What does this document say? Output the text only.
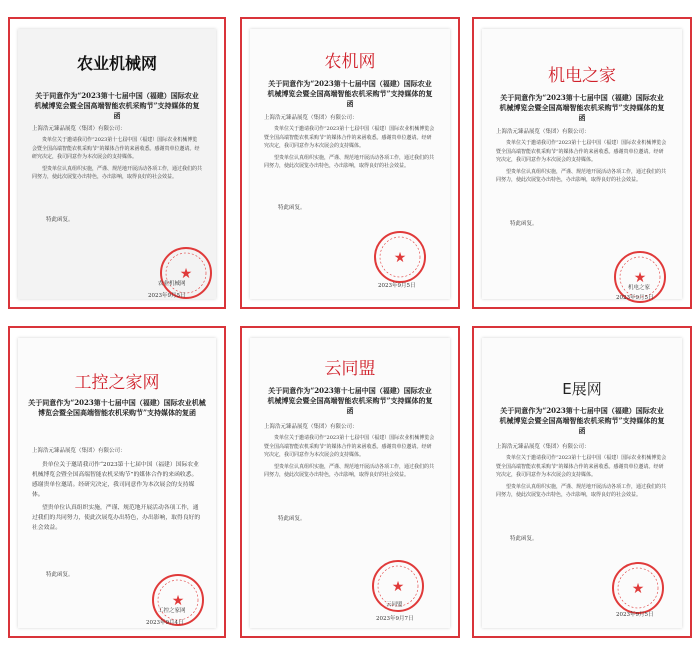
农业机械网
关于同意作为“2023第十七届中国（福建）国际农业机械博览会暨全国高端智能农机采购节”支持媒体的复函
上海浩元臻品展览（集团）有限公司：

贵单位关于邀请我司作“2023第十七届中国（福建）国际农业机械博览会暨全国高端智能农机采购节”的媒体合作的来函收悉。感谢贵单位邀请。经研究决定，我司同意作为本次展会的支持媒体。

望贵单位认真组织实施，严谨、规范地开展活动各项工作，通过我们的共同努力，使此次展览办出特色，办出影响，取得良好的社会效益。

特此函复。
★
农业机械网
2023年9月5日
农机网
关于同意作为“2023第十七届中国（福建）国际农业机械博览会暨全国高端智能农机采购节”支持媒体的复函
上海浩元臻品展览（集团）有限公司：

贵单位关于邀请我司作“2023第十七届中国（福建）国际农业机械博览会暨全国高端智能农机采购节”的媒体合作的来函收悉。感谢贵单位邀请。经研究决定，我司同意作为本次展会的支持媒体。

望贵单位认真组织实施，严谨、规范地开展活动各项工作，通过我们的共同努力，使此次展览办出特色，办出影响，取得良好的社会效益。

特此函复。
★
2023年9月5日
机电之家
关于同意作为“2023第十七届中国（福建）国际农业机械博览会暨全国高端智能农机采购节”支持媒体的复函
上海浩元臻品展览（集团）有限公司：

贵单位关于邀请我司作“2023第十七届中国（福建）国际农业机械博览会暨全国高端智能农机采购节”的媒体合作的来函收悉。感谢贵单位邀请。经研究决定，我司同意作为本次展会的支持媒体。

望贵单位认真组织实施，严谨、规范地开展活动各项工作，通过我们的共同努力，使此次展览办出特色，办出影响，取得良好的社会效益。

特此函复。
★
机电之家
2023年9月5日
工控之家网
关于同意作为“2023第十七届中国（福建）国际农业机械博览会暨全国高端智能农机采购节”支持媒体的复函
上海浩元臻品展览（集团）有限公司：

贵单位关于邀请我司作“2023第十七届中国（福建）国际农业机械博览会暨全国高端智能农机采购节”的媒体合作的来函收悉。感谢贵单位邀请。经研究决定，我司同意作为本次展会的支持媒体。

望贵单位认真组织实施，严谨、规范地开展活动各项工作，通过我们的共同努力，使此次展览办出特色，办出影响，取得良好的社会效益。

特此函复。
★
工控之家网
2023年9月4日
云同盟
关于同意作为“2023第十七届中国（福建）国际农业机械博览会暨全国高端智能农机采购节”支持媒体的复函
上海浩元臻品展览（集团）有限公司：

贵单位关于邀请我司作“2023第十七届中国（福建）国际农业机械博览会暨全国高端智能农机采购节”的媒体合作的来函收悉。感谢贵单位邀请。经研究决定，我司同意作为本次展会的支持媒体。

望贵单位认真组织实施，严谨、规范地开展活动各项工作，通过我们的共同努力，使此次展览办出特色，办出影响，取得良好的社会效益。

特此函复。
★
云同盟
2023年9月7日
E展网
关于同意作为“2023第十七届中国（福建）国际农业机械博览会暨全国高端智能农机采购节”支持媒体的复函
上海浩元臻品展览（集团）有限公司：

贵单位关于邀请我司作“2023第十七届中国（福建）国际农业机械博览会暨全国高端智能农机采购节”的媒体合作的来函收悉。感谢贵单位邀请。经研究决定，我司同意作为本次展会的支持媒体。

望贵单位认真组织实施，严谨、规范地开展活动各项工作，通过我们的共同努力，使此次展览办出特色，办出影响，取得良好的社会效益。

特此函复。
★
2023年9月5日
